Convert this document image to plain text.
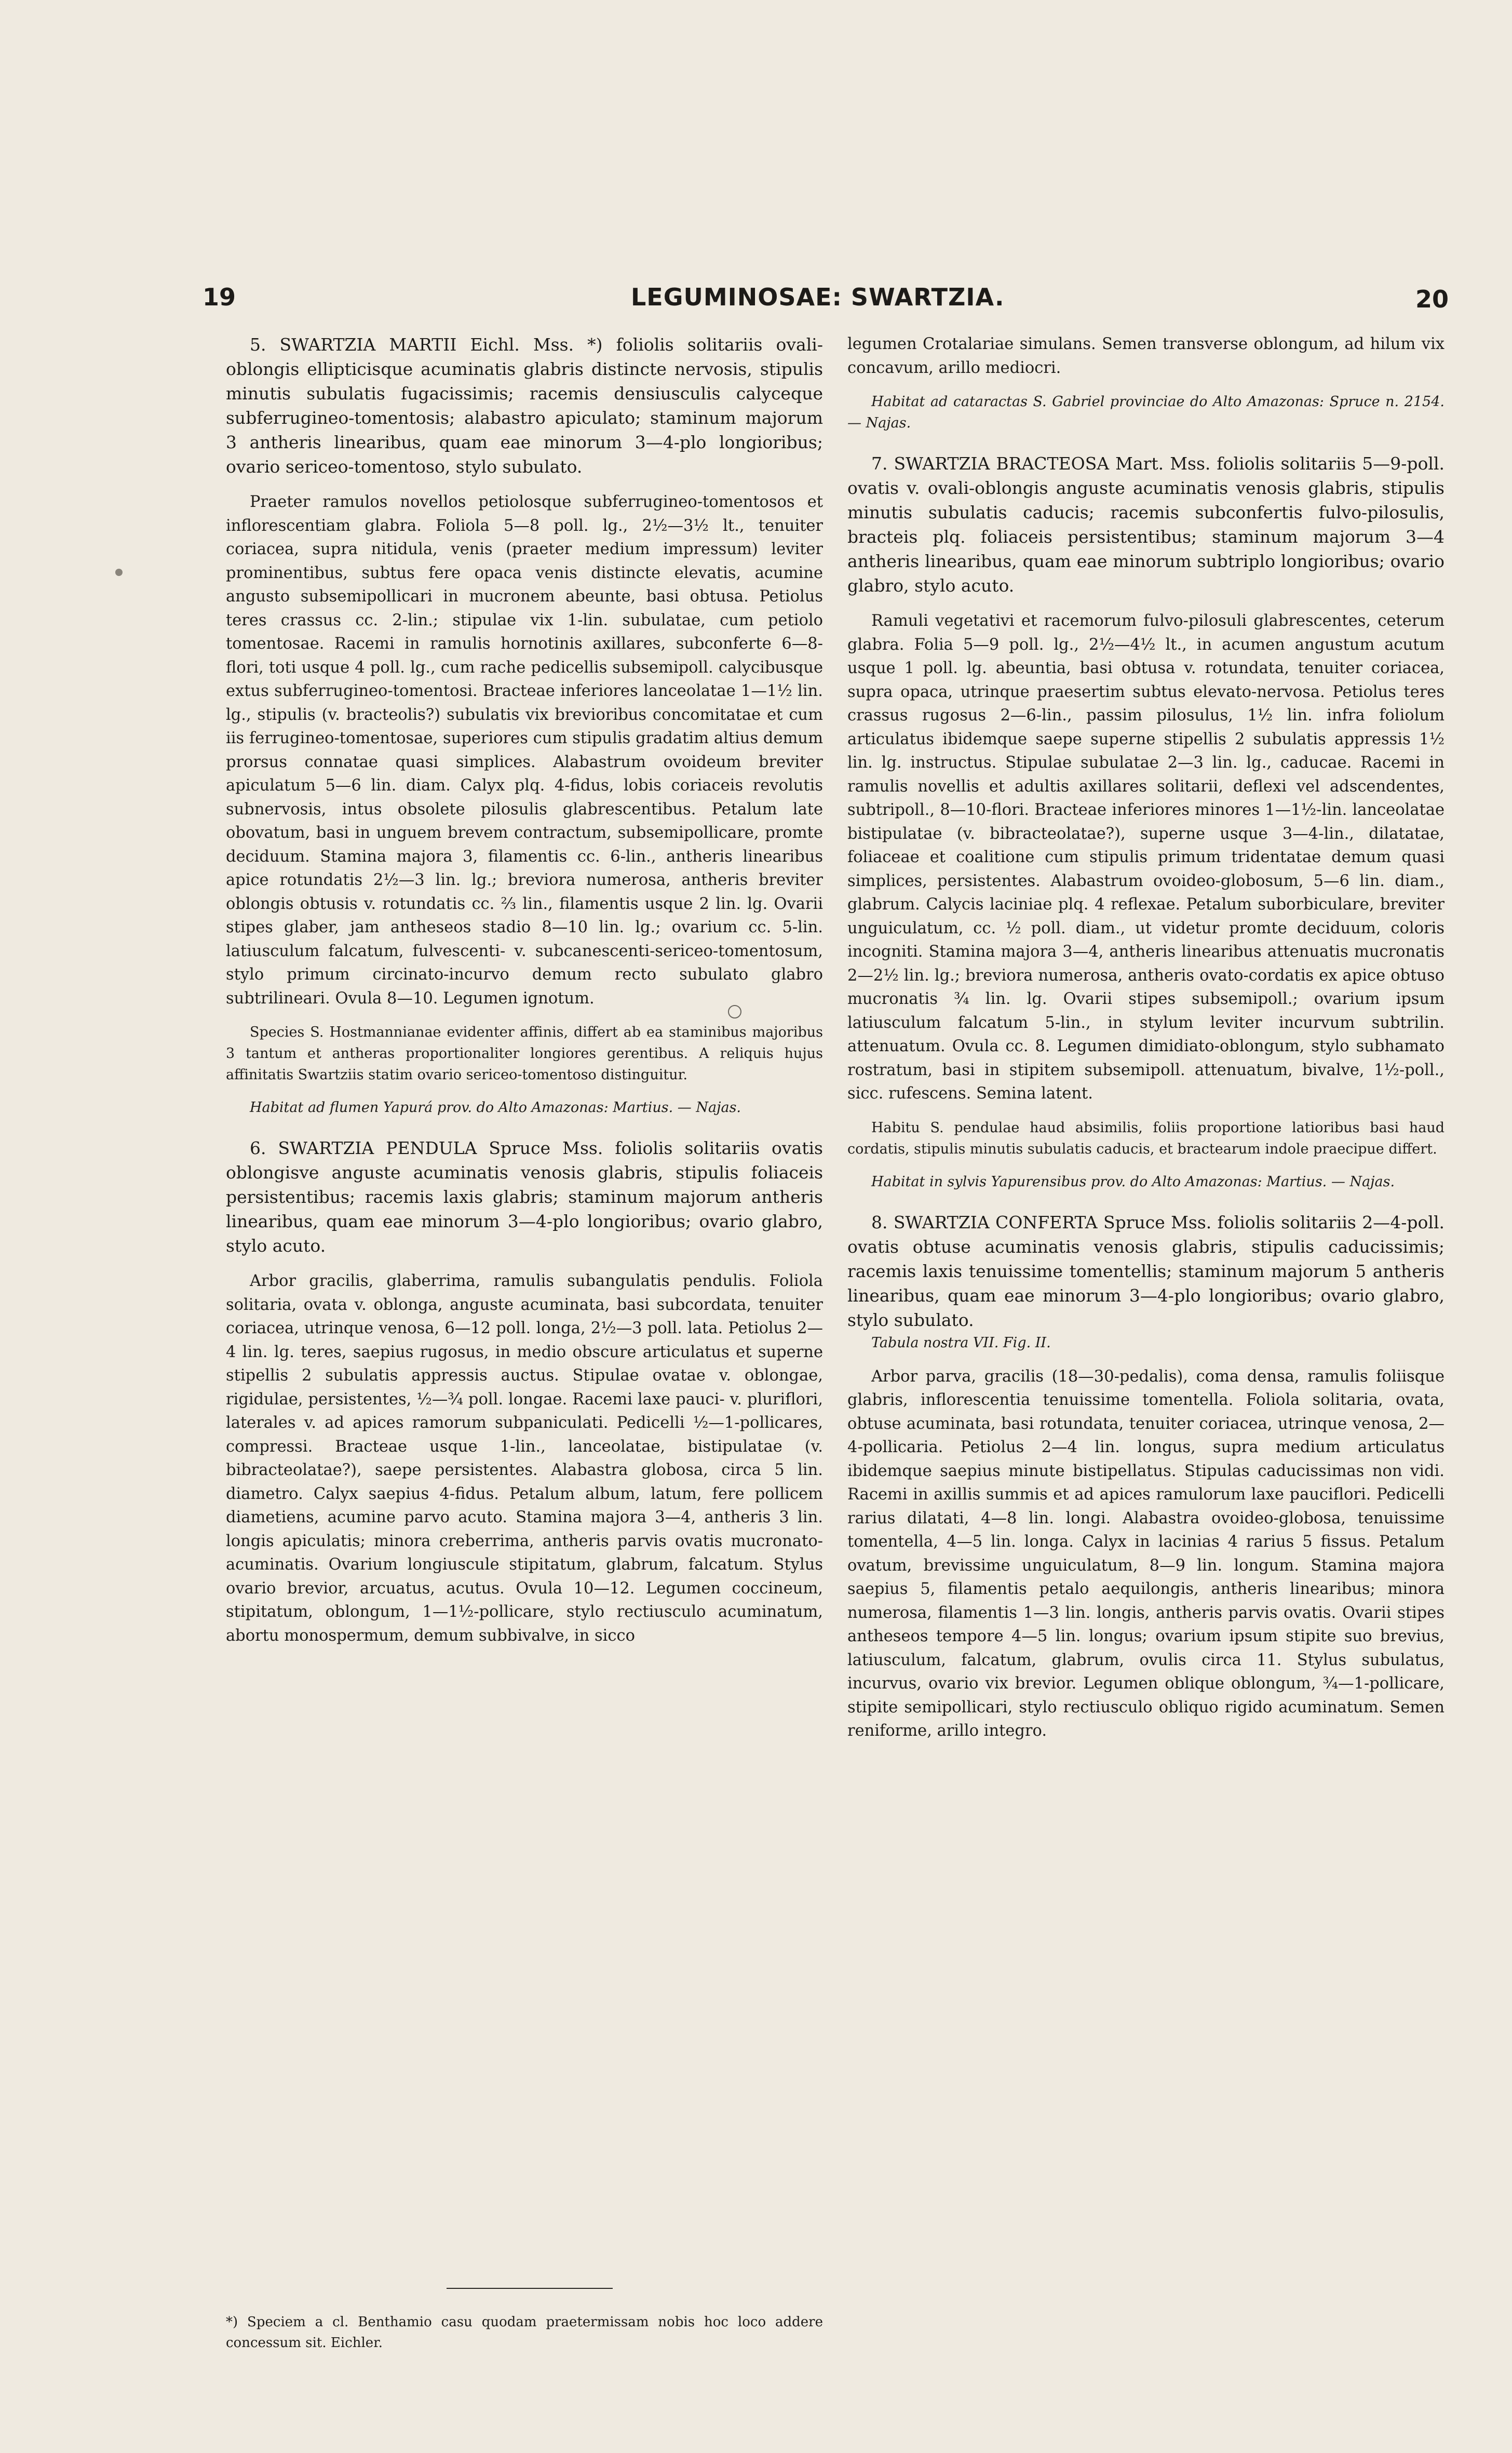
19	LEGUMINOSAE: SWARTZIA.	20

5. SWARTZIA MARTII Eichl. Mss. *) foliolis solitariis ovali-oblongis ellipticisque acuminatis glabris distincte nervosis, stipulis minutis subulatis fugacissimis; racemis densiusculis calyceque subferrugineo-tomentosis; alabastro apiculato; staminum majorum 3 antheris linearibus, quam eae minorum 3—4-plo longioribus; ovario sericeo-tomentoso, stylo subulato.

Praeter ramulos novellos petiolosque subferrugineo-tomentosos et inflorescentiam glabra. Foliola 5—8 poll. lg., 2½—3½ lt., tenuiter coriacea, supra nitidula, venis (praeter medium impressum) leviter prominentibus, subtus fere opaca venis distincte elevatis, acumine angusto subsemipollicari in mucronem abeunte, basi obtusa. Petiolus teres crassus cc. 2-lin.; stipulae vix 1-lin. subulatae, cum petiolo tomentosae. Racemi in ramulis hornotinis axillares, subconferte 6—8-flori, toti usque 4 poll. lg., cum rache pedicellis subsemipoll. calycibusque extus subferrugineo-tomentosi. Bracteae inferiores lanceolatae 1—1½ lin. lg., stipulis (v. bracteolis?) subulatis vix brevioribus concomitatae et cum iis ferrugineo-tomentosae, superiores cum stipulis gradatim altius demum prorsus connatae quasi simplices. Alabastrum ovoideum breviter apiculatum 5—6 lin. diam. Calyx plq. 4-fidus, lobis coriaceis revolutis subnervosis, intus obsolete pilosulis glabrescentibus. Petalum late obovatum, basi in unguem brevem contractum, subsemipollicare, promte deciduum. Stamina majora 3, filamentis cc. 6-lin., antheris linearibus apice rotundatis 2½—3 lin. lg.; breviora numerosa, antheris breviter oblongis obtusis v. rotundatis cc. ⅔ lin., filamentis usque 2 lin. lg. Ovarii stipes glaber, jam antheseos stadio 8—10 lin. lg.; ovarium cc. 5-lin. latiusculum falcatum, fulvescenti- v. subcanescenti-sericeo-tomentosum, stylo primum circinato-incurvo demum recto subulato glabro subtrilineari. Ovula 8—10. Legumen ignotum.

Species S. Hostmannianae evidenter affinis, differt ab ea staminibus majoribus 3 tantum et antheras proportionaliter longiores gerentibus. A reliquis hujus affinitatis Swartziis statim ovario sericeo-tomentoso distinguitur.

Habitat ad flumen Yapurá prov. do Alto Amazonas: Martius. — Najas.

6. SWARTZIA PENDULA Spruce Mss. foliolis solitariis ovatis oblongisve anguste acuminatis venosis glabris, stipulis foliaceis persistentibus; racemis laxis glabris; staminum majorum antheris linearibus, quam eae minorum 3—4-plo longioribus; ovario glabro, stylo acuto.

Arbor gracilis, glaberrima, ramulis subangulatis pendulis. Foliola solitaria, ovata v. oblonga, anguste acuminata, basi subcordata, tenuiter coriacea, utrinque venosa, 6—12 poll. longa, 2½—3 poll. lata. Petiolus 2—4 lin. lg. teres, saepius rugosus, in medio obscure articulatus et superne stipellis 2 subulatis appressis auctus. Stipulae ovatae v. oblongae, rigidulae, persistentes, ½—¾ poll. longae. Racemi laxe pauci- v. pluriflori, laterales v. ad apices ramorum subpaniculati. Pedicelli ½—1-pollicares, compressi. Bracteae usque 1-lin., lanceolatae, bistipulatae (v. bibracteolatae?), saepe persistentes. Alabastra globosa, circa 5 lin. diametro. Calyx saepius 4-fidus. Petalum album, latum, fere pollicem diametiens, acumine parvo acuto. Stamina majora 3—4, antheris 3 lin. longis apiculatis; minora creberrima, antheris parvis ovatis mucronato-acuminatis. Ovarium longiuscule stipitatum, glabrum, falcatum. Stylus ovario brevior, arcuatus, acutus. Ovula 10—12. Legumen coccineum, stipitatum, oblongum, 1—1½-pollicare, stylo rectiusculo acuminatum, abortu monospermum, demum subbivalve, in sicco

legumen Crotalariae simulans. Semen transverse oblongum, ad hilum vix concavum, arillo mediocri.

Habitat ad cataractas S. Gabriel provinciae do Alto Amazonas: Spruce n. 2154. — Najas.

7. SWARTZIA BRACTEOSA Mart. Mss. foliolis solitariis 5—9-poll. ovatis v. ovali-oblongis anguste acuminatis venosis glabris, stipulis minutis subulatis caducis; racemis subconfertis fulvo-pilosulis, bracteis plq. foliaceis persistentibus; staminum majorum 3—4 antheris linearibus, quam eae minorum subtriplo longioribus; ovario glabro, stylo acuto.

Ramuli vegetativi et racemorum fulvo-pilosuli glabrescentes, ceterum glabra. Folia 5—9 poll. lg., 2½—4½ lt., in acumen angustum acutum usque 1 poll. lg. abeuntia, basi obtusa v. rotundata, tenuiter coriacea, supra opaca, utrinque praesertim subtus elevato-nervosa. Petiolus teres crassus rugosus 2—6-lin., passim pilosulus, 1½ lin. infra foliolum articulatus ibidemque saepe superne stipellis 2 subulatis appressis 1½ lin. lg. instructus. Stipulae subulatae 2—3 lin. lg., caducae. Racemi in ramulis novellis et adultis axillares solitarii, deflexi vel adscendentes, subtripoll., 8—10-flori. Bracteae inferiores minores 1—1½-lin. lanceolatae bistipulatae (v. bibracteolatae?), superne usque 3—4-lin., dilatatae, foliaceae et coalitione cum stipulis primum tridentatae demum quasi simplices, persistentes. Alabastrum ovoideo-globosum, 5—6 lin. diam., glabrum. Calycis laciniae plq. 4 reflexae. Petalum suborbiculare, breviter unguiculatum, cc. ½ poll. diam., ut videtur promte deciduum, coloris incogniti. Stamina majora 3—4, antheris linearibus attenuatis mucronatis 2—2½ lin. lg.; breviora numerosa, antheris ovato-cordatis ex apice obtuso mucronatis ¾ lin. lg. Ovarii stipes subsemipoll.; ovarium ipsum latiusculum falcatum 5-lin., in stylum leviter incurvum subtrilin. attenuatum. Ovula cc. 8. Legumen dimidiato-oblongum, stylo subhamato rostratum, basi in stipitem subsemipoll. attenuatum, bivalve, 1½-poll., sicc. rufescens. Semina latent.

Habitu S. pendulae haud absimilis, foliis proportione latioribus basi haud cordatis, stipulis minutis subulatis caducis, et bractearum indole praecipue differt.

Habitat in sylvis Yapurensibus prov. do Alto Amazonas: Martius. — Najas.

8. SWARTZIA CONFERTA Spruce Mss. foliolis solitariis 2—4-poll. ovatis obtuse acuminatis venosis glabris, stipulis caducissimis; racemis laxis tenuissime tomentellis; staminum majorum 5 antheris linearibus, quam eae minorum 3—4-plo longioribus; ovario glabro, stylo subulato.

Tabula nostra VII. Fig. II.

Arbor parva, gracilis (18—30-pedalis), coma densa, ramulis foliisque glabris, inflorescentia tenuissime tomentella. Foliola solitaria, ovata, obtuse acuminata, basi rotundata, tenuiter coriacea, utrinque venosa, 2—4-pollicaria. Petiolus 2—4 lin. longus, supra medium articulatus ibidemque saepius minute bistipellatus. Stipulas caducissimas non vidi. Racemi in axillis summis et ad apices ramulorum laxe pauciflori. Pedicelli rarius dilatati, 4—8 lin. longi. Alabastra ovoideo-globosa, tenuissime tomentella, 4—5 lin. longa. Calyx in lacinias 4 rarius 5 fissus. Petalum ovatum, brevissime unguiculatum, 8—9 lin. longum. Stamina majora saepius 5, filamentis petalo aequilongis, antheris linearibus; minora numerosa, filamentis 1—3 lin. longis, antheris parvis ovatis. Ovarii stipes antheseos tempore 4—5 lin. longus; ovarium ipsum stipite suo brevius, latiusculum, falcatum, glabrum, ovulis circa 11. Stylus subulatus, incurvus, ovario vix brevior. Legumen oblique oblongum, ¾—1-pollicare, stipite semipollicari, stylo rectiusculo obliquo rigido acuminatum. Semen reniforme, arillo integro.

*) Speciem a cl. Benthamio casu quodam praetermissam nobis hoc loco addere concessum sit. Eichler.
